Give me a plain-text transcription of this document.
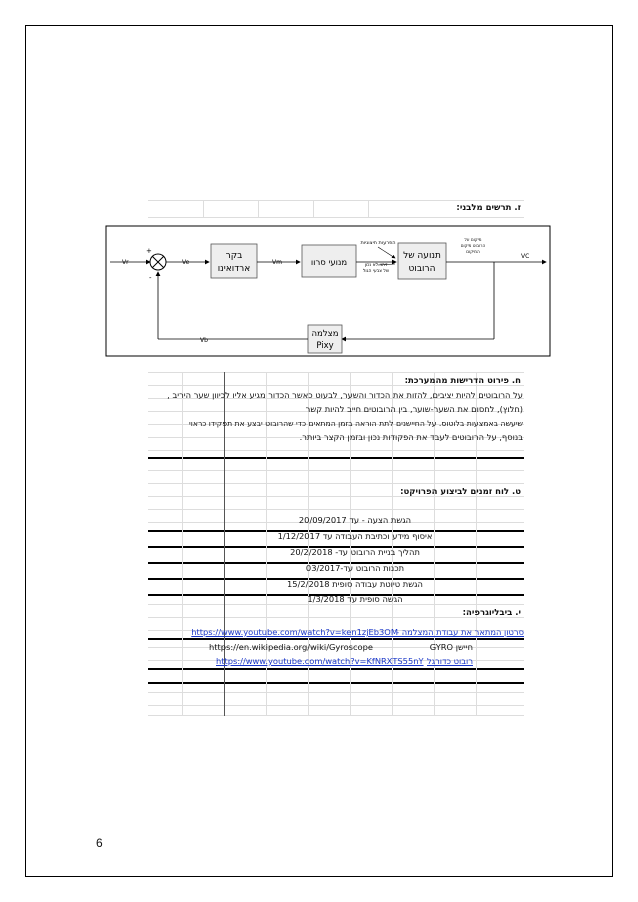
ז. תרשים מלבני:
בקר
ארדואינו
מנועי סרוו
תנועה של
הרובוט
מצלמה
Pixy
Vr	Ve	Vm
VC
Vb
+
-
הפרעות חיצוניות
זיהוי לא נכון
של צבעי הגול
מיקום על
הרובוט מיקום
המיקום
ח. פירוט הדרישות מהמערכת:
על הרובוטים להיות יציבים, להזות את הכדור והשער, לבעוט כאשר הכדור מגיע אליו לכיוון שער היריב ,
(חלוץ), לחסום את השער-שוער, בין הרובוטים חייב להיות קשר
שיעשה באמצעות בלוטוס. על החיישנים לתת הוראה בזמן המתאים כדי שהרובוט יבצע את תפקידו כראוי
בנוסף, על הרובוטים לעבד את הפקודות נכון ובזמן הקצר ביותר.
ט. לוח זמנים לביצוע הפרויקט:
הגשת הצעה - עד 20/09/2017
איסוף מידע וכתיבת העבודה עד 1/12/2017
תהליך בניית הרובוט עד- 20/2/2018
תכנות הרובוט עד-03/2017
הגשת טיוטת עבודה סופית 15/2/2018
הגשה סופית עד 1/3/2018
י. ביבליוגרפיה:
סרטון המתאר את עבודת המצלמה -
https://www.youtube.com/watch?v=ken1zjEb3OM
חיישן GYRO
https://en.wikipedia.org/wiki/Gyroscope
רובוט כדורגל
https://www.youtube.com/watch?v=KfNRXTS55nY
6
